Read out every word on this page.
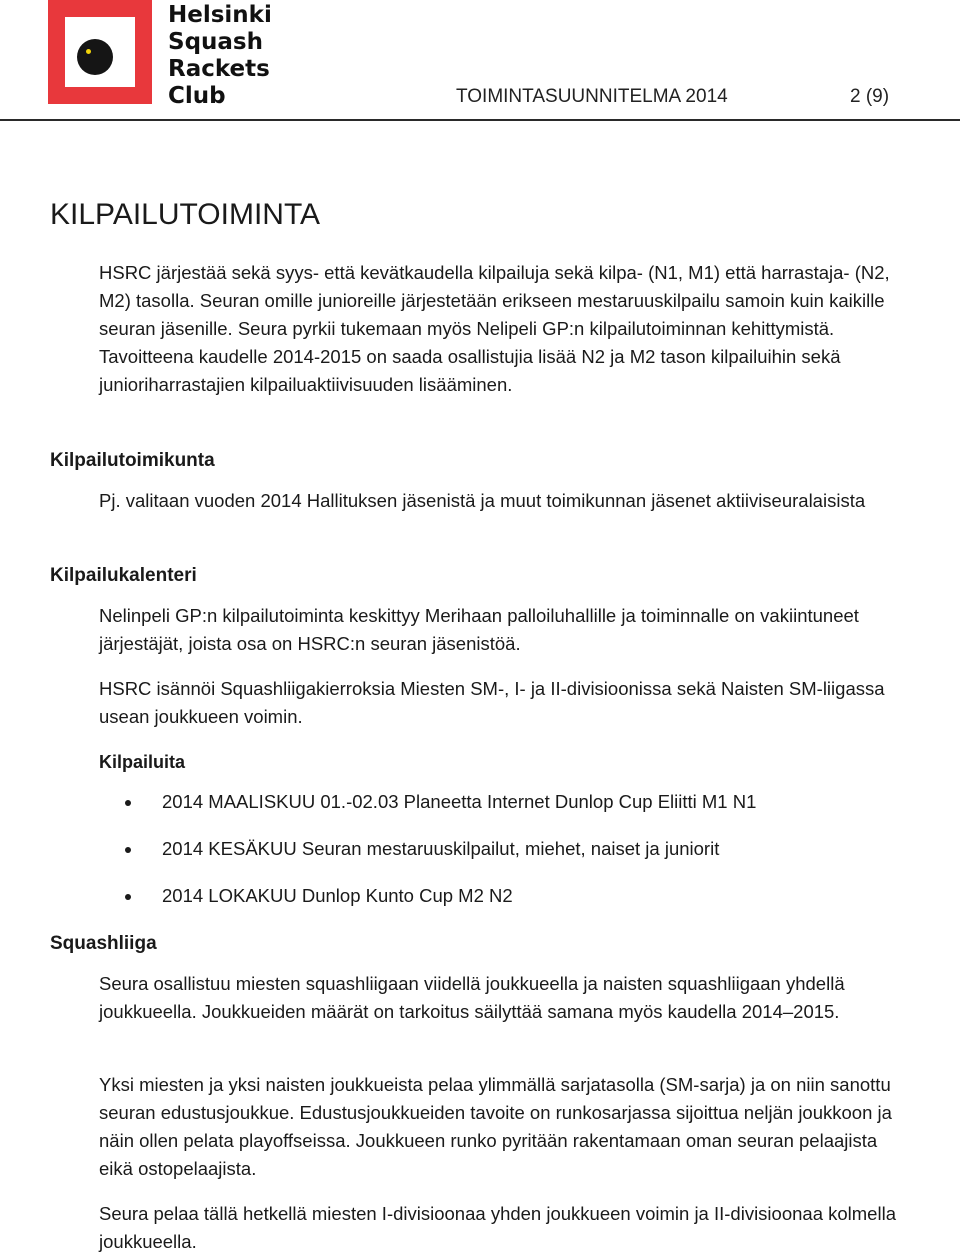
Helsinki
Squash
Rackets
Club	TOIMINTASUUNNITELMA 2014	2 (9)
KILPAILUTOIMINTA
HSRC järjestää sekä syys- että kevätkaudella kilpailuja sekä kilpa- (N1, M1) että harrastaja- (N2, M2) tasolla. Seuran omille junioreille järjestetään erikseen mestaruuskilpailu samoin kuin kaikille seuran jäsenille. Seura pyrkii tukemaan myös Nelipeli GP:n kilpailutoiminnan kehittymistä. Tavoitteena kaudelle 2014-2015 on saada osallistujia lisää N2 ja M2 tason kilpailuihin sekä junioriharrastajien kilpailuaktiivisuuden lisääminen.
Kilpailutoimikunta
Pj. valitaan vuoden 2014 Hallituksen jäsenistä ja muut toimikunnan jäsenet aktiiviseuralaisista
Kilpailukalenteri
Nelinpeli GP:n kilpailutoiminta keskittyy Merihaan palloiluhallille ja toiminnalle on vakiintuneet järjestäjät, joista osa on HSRC:n seuran jäsenistöä.
HSRC isännöi Squashliigakierroksia Miesten SM-, I- ja II-divisioonissa sekä Naisten SM-liigassa usean joukkueen voimin.
Kilpailuita
2014 MAALISKUU 01.-02.03 Planeetta Internet Dunlop Cup Eliitti M1 N1
2014 KESÄKUU Seuran mestaruuskilpailut, miehet, naiset ja juniorit
2014 LOKAKUU Dunlop Kunto Cup M2 N2
Squashliiga
Seura osallistuu miesten squashliigaan viidellä joukkueella ja naisten squashliigaan yhdellä joukkueella. Joukkueiden määrät on tarkoitus säilyttää samana myös kaudella 2014–2015.
Yksi miesten ja yksi naisten joukkueista pelaa ylimmällä sarjatasolla (SM-sarja) ja on niin sanottu seuran edustusjoukkue. Edustusjoukkueiden tavoite on runkosarjassa sijoittua neljän joukkoon ja näin ollen pelata playoffseissa. Joukkueen runko pyritään rakentamaan oman seuran pelaajista eikä ostopelaajista.
Seura pelaa tällä hetkellä miesten I-divisioonaa yhden joukkueen voimin ja II-divisioonaa kolmella joukkueella.
